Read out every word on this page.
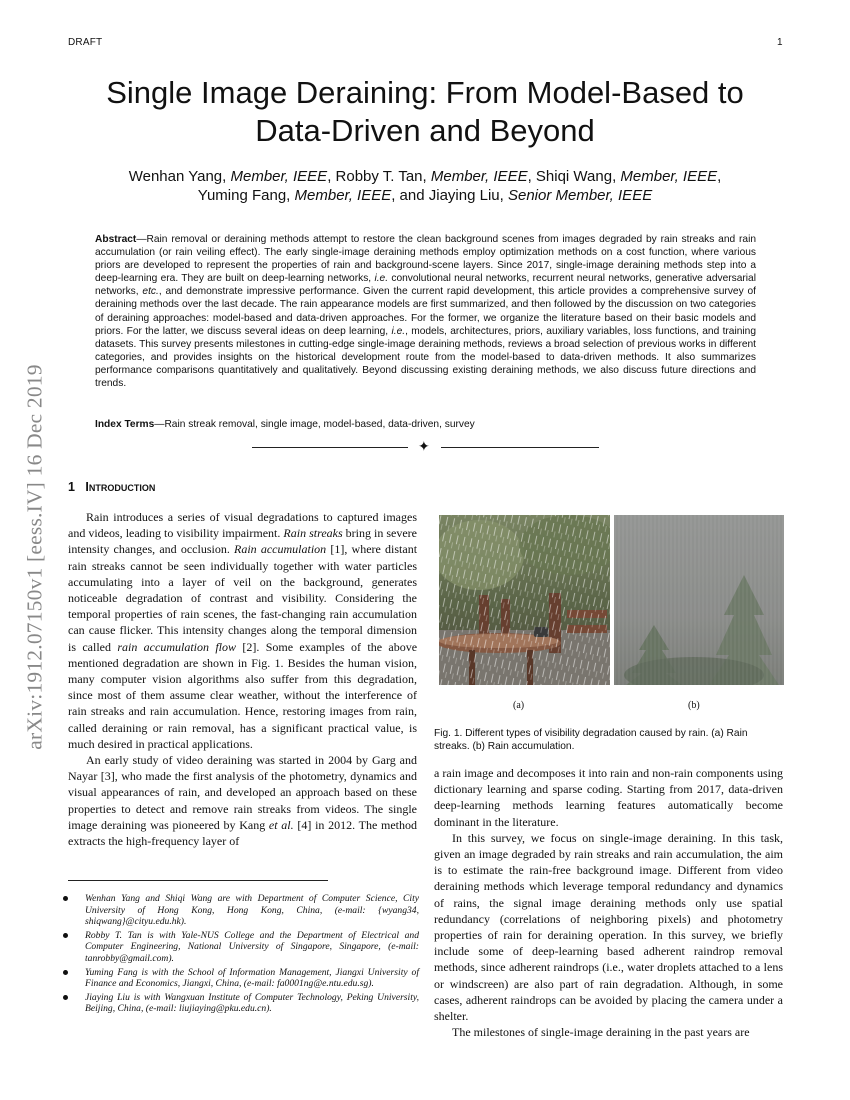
DRAFT	1
Single Image Deraining: From Model-Based to Data-Driven and Beyond
Wenhan Yang, Member, IEEE, Robby T. Tan, Member, IEEE, Shiqi Wang, Member, IEEE,
Yuming Fang, Member, IEEE, and Jiaying Liu, Senior Member, IEEE

Abstract—Rain removal or deraining methods attempt to restore the clean background scenes from images degraded by rain streaks and rain accumulation (or rain veiling effect). The early single-image deraining methods employ optimization methods on a cost function, where various priors are developed to represent the properties of rain and background-scene layers. Since 2017, single-image deraining methods step into a deep-learning era. They are built on deep-learning networks, i.e. convolutional neural networks, recurrent neural networks, generative adversarial networks, etc., and demonstrate impressive performance. Given the current rapid development, this article provides a comprehensive survey of deraining methods over the last decade. The rain appearance models are first summarized, and then followed by the discussion on two categories of deraining approaches: model-based and data-driven approaches. For the former, we organize the literature based on their basic models and priors. For the latter, we discuss several ideas on deep learning, i.e., models, architectures, priors, auxiliary variables, loss functions, and training datasets. This survey presents milestones in cutting-edge single-image deraining methods, reviews a broad selection of previous works in different categories, and provides insights on the historical development route from the model-based to data-driven methods. It also summarizes performance comparisons quantitatively and qualitatively. Beyond discussing existing deraining methods, we also discuss future directions and trends.

Index Terms—Rain streak removal, single image, model-based, data-driven, survey

✦
arXiv:1912.07150v1 [eess.IV] 16 Dec 2019 1 Introduction

Rain introduces a series of visual degradations to captured images and videos, leading to visibility impairment. Rain streaks bring in severe intensity changes, and occlusion. Rain accumulation [1], where distant rain streaks cannot be seen individually together with water particles accumulating into a layer of veil on the background, generates noticeable degradation of contrast and visibility. Considering the temporal properties of rain scenes, the fast-changing rain accumulation can cause flicker. This intensity changes along the temporal dimension is called rain accumulation flow [2]. Some examples of the above mentioned degradation are shown in Fig. 1. Besides the human vision, many computer vision algorithms also suffer from this degradation, since most of them assume clear weather, without the interference of rain streaks and rain accumulation. Hence, restoring images from rain, called deraining or rain removal, has a significant practical value, is much desired in practical applications.

An early study of video deraining was started in 2004 by Garg and Nayar [3], who made the first analysis of the photometry, dynamics and visual appearances of rain, and developed an approach based on these properties to detect and remove rain streaks from videos. The single image deraining was pioneered by Kang et al. [4] in 2012. The method extracts the high-frequency layer of

(a)	(b)

Fig. 1. Different types of visibility degradation caused by rain. (a) Rain streaks. (b) Rain accumulation.

a rain image and decomposes it into rain and non-rain components using dictionary learning and sparse coding. Starting from 2017, data-driven deep-learning methods learning features automatically become dominant in the literature.

In this survey, we focus on single-image deraining. In this task, given an image degraded by rain streaks and rain accumulation, the aim is to estimate the rain-free background image. Different from video deraining methods which leverage temporal redundancy and dynamics of rains, the signal image deraining methods only use spatial redundancy (correlations of neighboring pixels) and photometry properties of rain for deraining operation. In this survey, we briefly include some of deep-learning based adherent raindrop removal methods, since adherent raindrops (i.e., water droplets attached to a lens or windscreen) are also part of rain degradation. Although, in some cases, adherent raindrops can be avoided by placing the camera under a shelter.

The milestones of single-image deraining in the past years are

Wenhan Yang and Shiqi Wang are with Department of Computer Science, City University of Hong Kong, Hong Kong, China, (e-mail: {wyang34, shiqwang}@cityu.edu.hk).
Robby T. Tan is with Yale-NUS College and the Department of Electrical and Computer Engineering, National University of Singapore, Singapore, (e-mail: tanrobby@gmail.com).
Yuming Fang is with the School of Information Management, Jiangxi University of Finance and Economics, Jiangxi, China, (e-mail: fa0001ng@e.ntu.edu.sg).
Jiaying Liu is with Wangxuan Institute of Computer Technology, Peking University, Beijing, China, (e-mail: liujiaying@pku.edu.cn).
